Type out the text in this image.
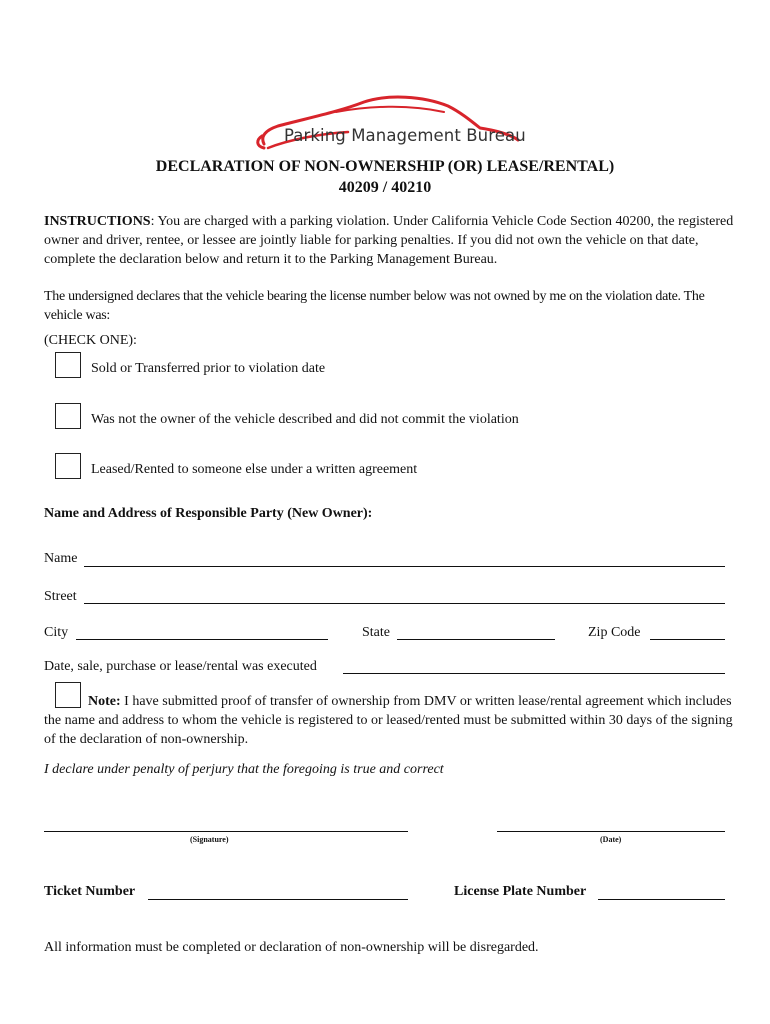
Parking Management Bureau
DECLARATION OF NON-OWNERSHIP (OR) LEASE/RENTAL)
40209 / 40210
INSTRUCTIONS: You are charged with a parking violation. Under California Vehicle Code Section 40200, the registered owner and driver, rentee, or lessee are jointly liable for parking penalties. If you did not own the vehicle on that date, complete the declaration below and return it to the Parking Management Bureau.
The undersigned declares that the vehicle bearing the license number below was not owned by me on the violation date. The vehicle was:
(CHECK ONE):
Sold or Transferred prior to violation date
Was not the owner of the vehicle described and did not commit the violation
Leased/Rented to someone else under a written agreement
Name and Address of Responsible Party (New Owner):
Name
Street
City	State	Zip Code
Date, sale, purchase or lease/rental was executed
Note: I have submitted proof of transfer of ownership from DMV or written lease/rental agreement which includes the name and address to whom the vehicle is registered to or leased/rented must be submitted within 30 days of the signing of the declaration of non-ownership.
I declare under penalty of perjury that the foregoing is true and correct
(Signature)	(Date)
Ticket Number	License Plate Number
All information must be completed or declaration of non-ownership will be disregarded.
